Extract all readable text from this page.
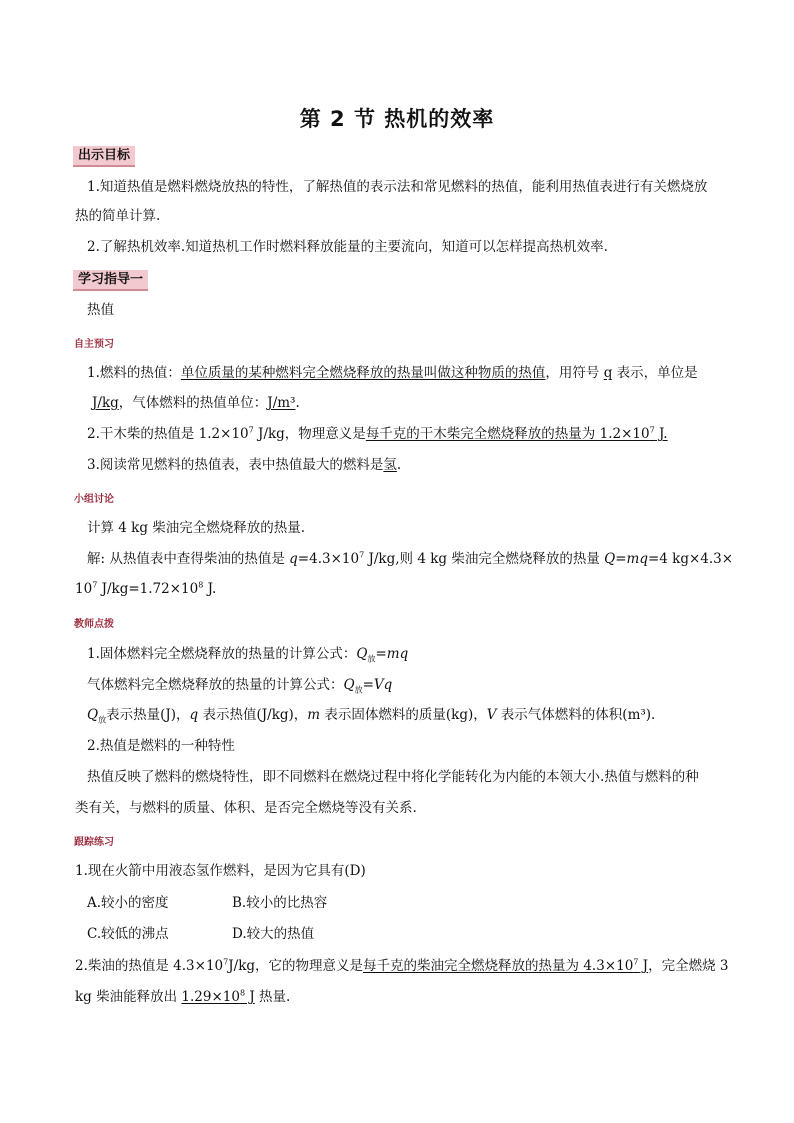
第 2 节 热机的效率
出示目标
1.知道热值是燃料燃烧放热的特性，了解热值的表示法和常见燃料的热值，能利用热值表进行有关燃烧放
热的简单计算.
2.了解热机效率.知道热机工作时燃料释放能量的主要流向，知道可以怎样提高热机效率.
学习指导一
热值
自主预习
1.燃料的热值：单位质量的某种燃料完全燃烧释放的热量叫做这种物质的热值，用符号 q 表示，单位是
J/kg，气体燃料的热值单位：J/m³.
2.干木柴的热值是 $1.2\times 10^7$ J/kg，物理意义是每千克的干木柴完全燃烧释放的热量为 $1.2\times 10^7$ J.
3.阅读常见燃料的热值表，表中热值最大的燃料是氢.
小组讨论
计算 4 kg 柴油完全燃烧释放的热量.
解: 从热值表中查得柴油的热值是 $q=4.3\times 10^7$ J/kg,则 4 kg 柴油完全燃烧释放的热量 Q=mq=4 kg×4.3×
$10^7$ $J/kg=1.72\times 10^8$ J.
教师点拨
1.固体燃料完全燃烧释放的热量的计算公式：$Q_放=mq$
气体燃料完全燃烧释放的热量的计算公式：$Q_放=Vq$
$Q_放$表示热量(J)，q 表示热值(J/kg)，m 表示固体燃料的质量(kg)，V 表示气体燃料的体积(m³).
2.热值是燃料的一种特性
热值反映了燃料的燃烧特性，即不同燃料在燃烧过程中将化学能转化为内能的本领大小.热值与燃料的种
类有关，与燃料的质量、体积、是否完全燃烧等没有关系.
跟踪练习
1.现在火箭中用液态氢作燃料，是因为它具有(D)
A.较小的密度	B.较小的比热容
C.较低的沸点	D.较大的热值
2.柴油的热值是 $4.3\times 10^7J/kg$，它的物理意义是每千克的柴油完全燃烧释放的热量为 $4.3\times 10^7$ J，完全燃烧 3
kg 柴油能释放出 $1.29\times 10^8$ J 热量.
